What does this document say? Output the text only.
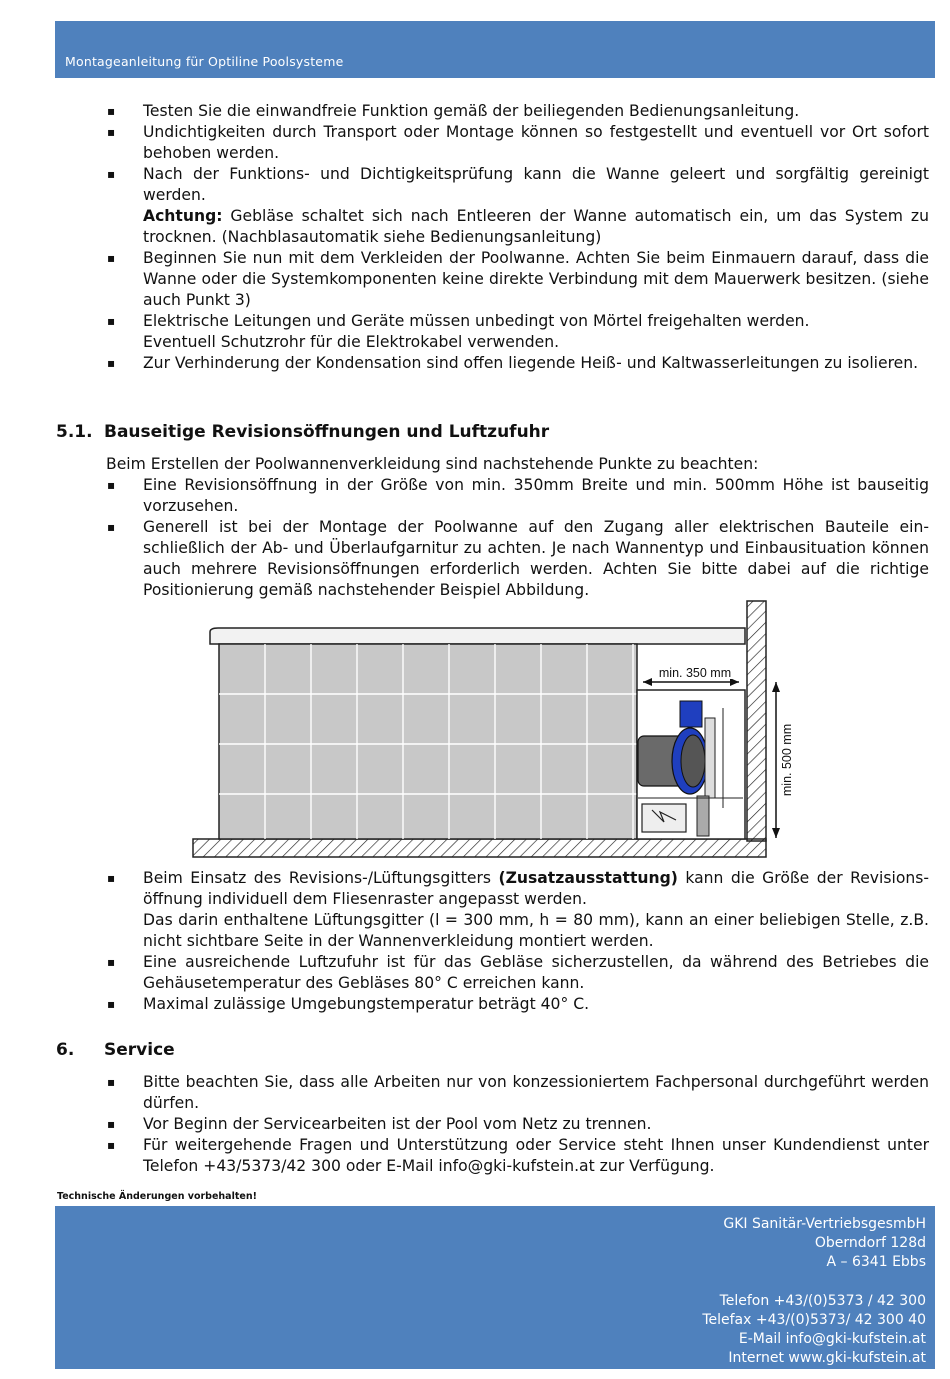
Montageanleitung für Optiline Poolsysteme
▪ Testen Sie die einwandfreie Funktion gemäß der beiliegenden Bedienungsanleitung.

▪ Undichtigkeiten durch Transport oder Montage können so festgestellt und eventuell vor Ort sofort behoben werden.

▪ Nach der Funktions- und Dichtigkeitsprüfung kann die Wanne geleert und sorgfältig gereinigt werden.

Achtung: Gebläse schaltet sich nach Entleeren der Wanne automatisch ein, um das System zu trocknen. (Nachblasautomatik siehe Bedienungsanleitung)

▪ Beginnen Sie nun mit dem Verkleiden der Poolwanne. Achten Sie beim Einmauern darauf, dass die Wanne oder die Systemkomponenten keine direkte Verbindung mit dem Mauerwerk besitzen. (siehe auch Punkt 3)

▪ Elektrische Leitungen und Geräte müssen unbedingt von Mörtel freigehalten werden.

Eventuell Schutzrohr für die Elektrokabel verwenden.

▪ Zur Verhinderung der Kondensation sind offen liegende Heiß- und Kaltwasserleitungen zu isolieren.

5.1. Bauseitige Revisionsöffnungen und Luftzufuhr
Beim Erstellen der Poolwannenverkleidung sind nachstehende Punkte zu beachten:
▪ Eine Revisionsöffnung in der Größe von min. 350mm Breite und min. 500mm Höhe ist bauseitig vorzusehen.

▪ Generell ist bei der Montage der Poolwanne auf den Zugang aller elektrischen Bauteile ein-schließlich der Ab- und Überlaufgarnitur zu achten. Je nach Wannentyp und Einbausituation können auch mehrere Revisionsöffnungen erforderlich werden. Achten Sie bitte dabei auf die richtige Positionierung gemäß nachstehender Beispiel Abbildung.

min. 350 mm
min. 500 mm
▪ Beim Einsatz des Revisions-/Lüftungsgitters (Zusatzausstattung) kann die Größe der Revisions-öffnung individuell dem Fliesenraster angepasst werden.

Das darin enthaltene Lüftungsgitter (l = 300 mm, h = 80 mm), kann an einer beliebigen Stelle, z.B. nicht sichtbare Seite in der Wannenverkleidung montiert werden.

▪ Eine ausreichende Luftzufuhr ist für das Gebläse sicherzustellen, da während des Betriebes die Gehäusetemperatur des Gebläses 80° C erreichen kann.

▪ Maximal zulässige Umgebungstemperatur beträgt 40° C.

6. Service
▪ Bitte beachten Sie, dass alle Arbeiten nur von konzessioniertem Fachpersonal durchgeführt werden dürfen.

▪ Vor Beginn der Servicearbeiten ist der Pool vom Netz zu trennen.

▪ Für weitergehende Fragen und Unterstützung oder Service steht Ihnen unser Kundendienst unter Telefon +43/5373/42 300 oder E-Mail info@gki-kufstein.at zur Verfügung.

Technische Änderungen vorbehalten!
GKI Sanitär-VertriebsgesmbH
Oberndorf 128d
A – 6341 Ebbs
Telefon +43/(0)5373 / 42 300
Telefax +43/(0)5373/ 42 300 40
E-Mail info@gki-kufstein.at
Internet www.gki-kufstein.at
